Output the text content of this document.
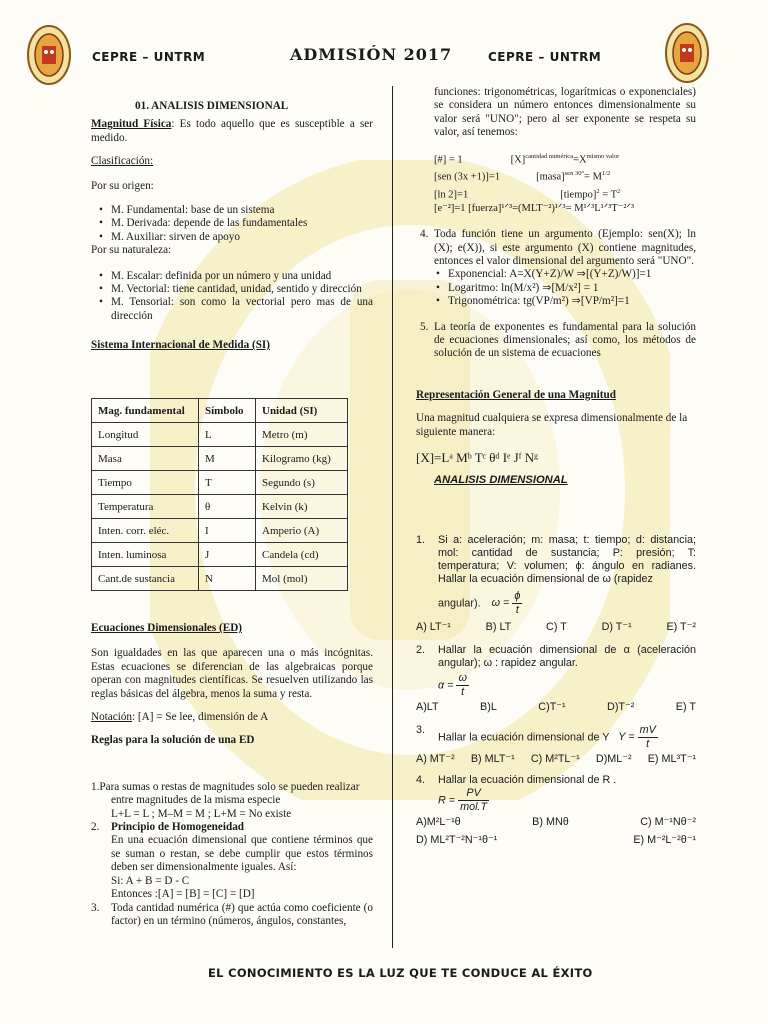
CEPRE – UNTRM	ADMISIÓN 2017	CEPRE – UNTRM
01. ANALISIS DIMENSIONAL
Magnitud Física: Es todo aquello que es susceptible a ser medido.
Clasificación:
Por su origen:
• M. Fundamental: base de un sistema
• M. Derivada: depende de las fundamentales
• M. Auxiliar: sirven de apoyo
Por su naturaleza:
• M. Escalar: definida por un número y una unidad
• M. Vectorial: tiene cantidad, unidad, sentido y dirección
• M. Tensorial: son como la vectorial pero mas de una dirección
Sistema Internacional de Medida (SI)
Mag. fundamental	Símbolo	Unidad (SI)
Longitud	L	Metro (m)
Masa	M	Kilogramo (kg)
Tiempo	T	Segundo (s)
Temperatura	θ	Kelvin (k)
Inten. corr. eléc.	I	Amperio (A)
Inten. luminosa	J	Candela (cd)
Cant.de sustancia	N	Mol (mol)
Ecuaciones Dimensionales (ED)
Son igualdades en las que aparecen una o más incógnitas. Estas ecuaciones se diferencian de las algebraicas porque operan con magnitudes científicas. Se resuelven utilizando las reglas básicas del álgebra, menos la suma y resta.
Notación: [A] = Se lee, dimensión de A
Reglas para la solución de una ED
1.Para sumas o restas de magnitudes solo se pueden realizar
entre magnitudes de la misma especie
L+L = L ; M–M = M ; L+M = No existe
2. Principio de Homogeneidad
En una ecuación dimensional que contiene términos que se suman o restan, se debe cumplir que estos términos deben ser dimensionalmente iguales. Así:
Si: A + B = D - C
Entonces :[A] = [B] = [C] = [D]
3. Toda cantidad numérica (#) que actúa como coeficiente (o factor) en un término (números, ángulos, constantes,
funciones: trigonométricas, logarítmicas o exponenciales) se considera un número entonces dimensionalmente su valor será "UNO"; pero al ser exponente se respeta su valor, así tenemos:
[#] = 1	$[X]^{cantidad numérica}=X^{mismo valor}$
[sen (3x +1)]=1	[masa]$^{sen 30^\circ}$= $M^{1/2}$
[ln 2]=1	[tiempo]$^2$ = $T^2$
[e⁻²]=1 [fuerza]¹ᐟ³=(MLT⁻²)¹ᐟ³= M¹ᐟ³L¹ᐟ³T⁻²ᐟ³
4. Toda función tiene un argumento (Ejemplo: sen(X); ln (X); e(X)), si este argumento (X) contiene magnitudes, entonces el valor dimensional del argumento será "UNO".
• Exponencial: A=X(Y+Z)/W ⇒[(Y+Z)/W)]=1
• Logaritmo: ln(M/x²) ⇒[M/x²] = 1
• Trigonométrica: tg(VP/m²) ⇒[VP/m²]=1
5. La teoría de exponentes es fundamental para la solución de ecuaciones dimensionales; así como, los métodos de solución de un sistema de ecuaciones
Representación General de una Magnitud
Una magnitud cualquiera se expresa dimensionalmente de la siguiente manera:
[X]=Lᵃ Mᵇ Tᶜ θᵈ Iᵉ Jᶠ Nᵍ
ANALISIS DIMENSIONAL
1. Si a: aceleración; m: masa; t: tiempo; d: distancia; mol: cantidad de sustancia; P: presión; T: temperatura; V: volumen; ϕ: ángulo en radianes. Hallar la ecuación dimensional de ω (rapidez
angular). $\omega = \frac{\phi}{t}$
A) LT⁻¹	B) LT	C) T	D) T⁻¹	E) T⁻²
2. Hallar la ecuación dimensional de α (aceleración angular); ω : rapidez angular.
$\alpha = \frac{\omega}{t}$
A)LT	B)L	C)T⁻¹	D)T⁻²	E) T
3.
Hallar la ecuación dimensional de Y $Y = \frac{mV}{t}$
A) MT⁻² B) MLT⁻¹ C) M²TL⁻¹ D)ML⁻² E) ML³T⁻¹
4. Hallar la ecuación dimensional de R .
$R = \frac{PV}{\text{mol.T}}$
A)M²L⁻¹θ	B) MNθ	C) M⁻¹Nθ⁻²
D) ML²T⁻²N⁻¹θ⁻¹	E) M⁻²L⁻²θ⁻¹
EL CONOCIMIENTO ES LA LUZ QUE TE CONDUCE AL ÉXITO
